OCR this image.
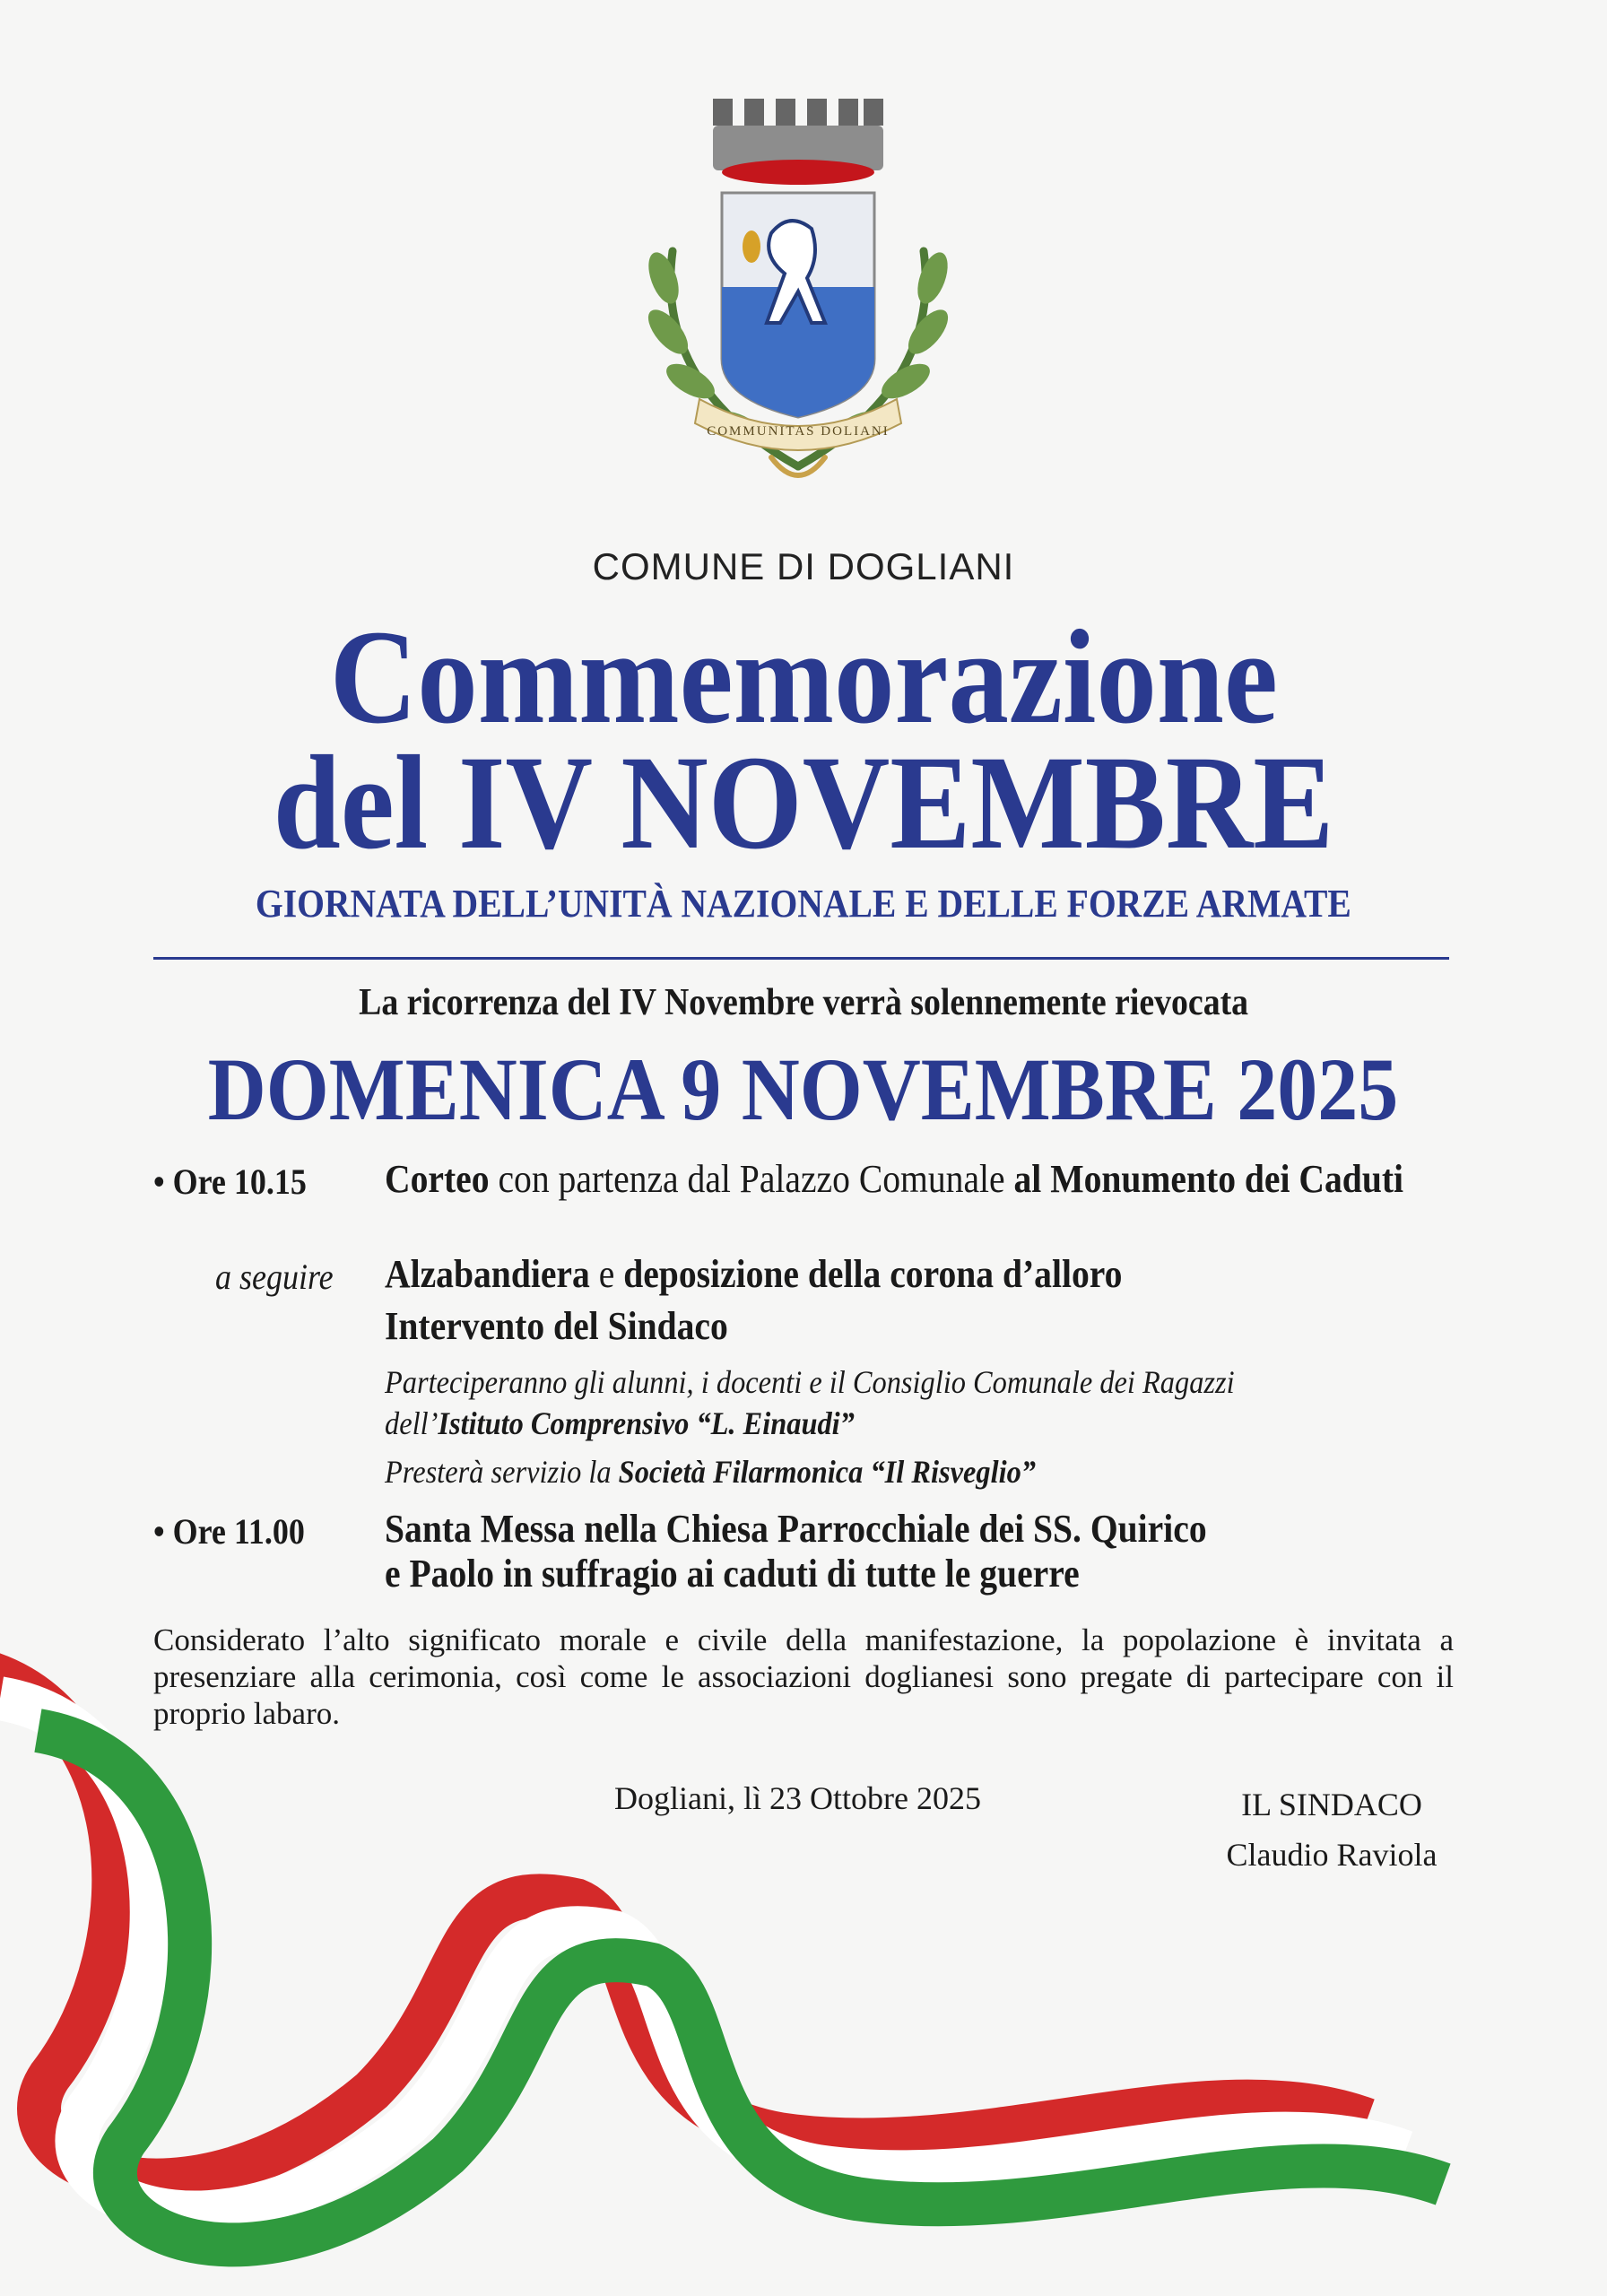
COMMUNITAS DOLIANI
COMUNE DI DOGLIANI
Commemorazione
del IV NOVEMBRE
GIORNATA DELL’UNITÀ NAZIONALE E DELLE FORZE ARMATE
La ricorrenza del IV Novembre verrà solennemente rievocata
DOMENICA 9 NOVEMBRE 2025
• Ore 10.15	Corteo con partenza dal Palazzo Comunale al Monumento dei Caduti
a seguire	Alzabandiera e deposizione della corona d’alloro
Intervento del Sindaco
Parteciperanno gli alunni, i docenti e il Consiglio Comunale dei Ragazzi
dell’Istituto Comprensivo “L. Einaudi”
Presterà servizio la Società Filarmonica “Il Risveglio”
• Ore 11.00	Santa Messa nella Chiesa Parrocchiale dei SS. Quirico
e Paolo in suffragio ai caduti di tutte le guerre
Considerato l’alto significato morale e civile della manifestazione, la popolazione è invitata a presenziare alla cerimonia, così come le associazioni doglianesi sono pregate di partecipare con il proprio labaro.
Dogliani, lì 23 Ottobre 2025	IL SINDACO
Claudio Raviola
